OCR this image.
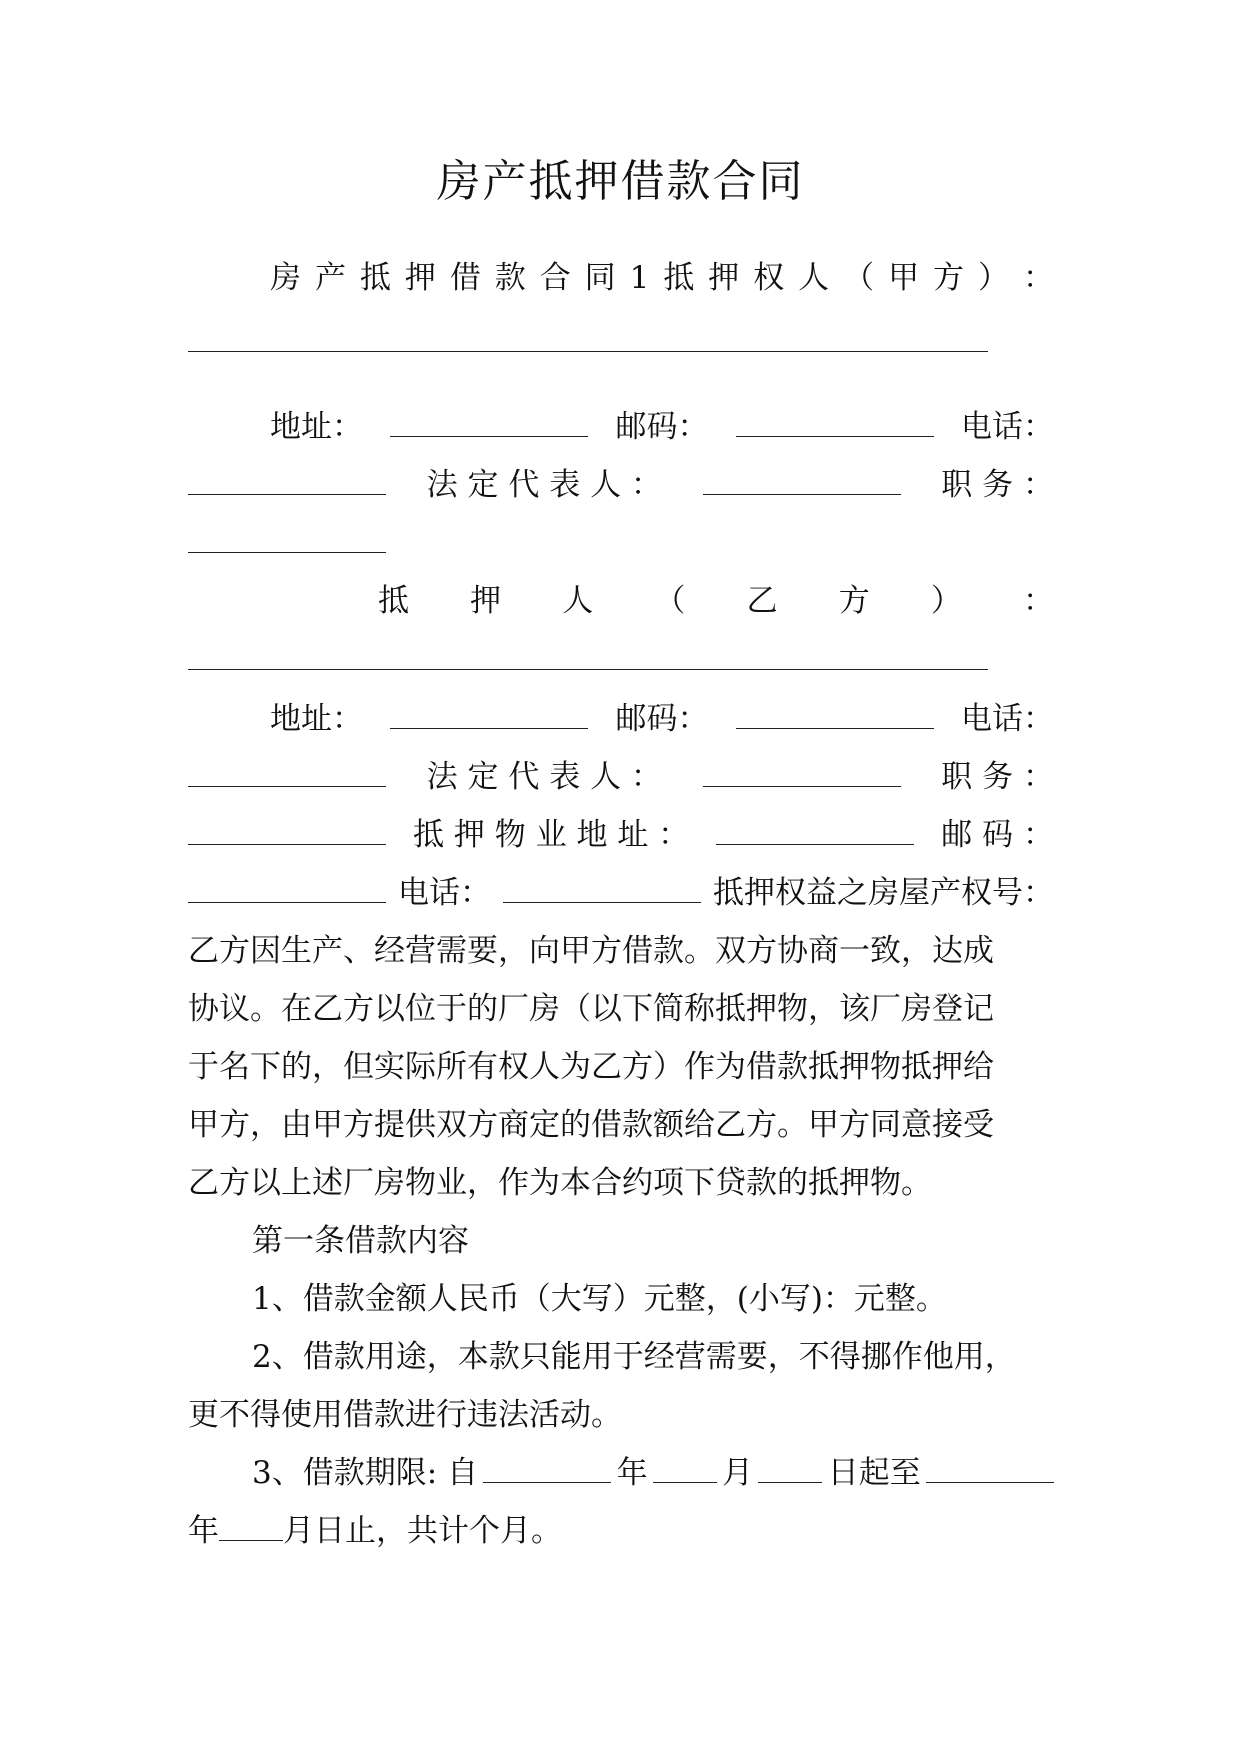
房产抵押借款合同
房 产 抵 押 借 款 合 同 1 抵 押 权 人 （ 甲 方 ） ：
地址：	邮码：	电话：
法 定 代 表 人 ：	职 务 ：
抵 押 人 （ 乙 方 ） ：
地址：	邮码：	电话：
法 定 代 表 人 ：	职 务 ：
抵 押 物 业 地 址 ：	邮 码 ：
电话：	抵押权益之房屋产权号：
乙方因生产、经营需要，向甲方借款。双方协商一致，达成
协议。在乙方以位于的厂房（以下简称抵押物，该厂房登记
于名下的，但实际所有权人为乙方）作为借款抵押物抵押给
甲方，由甲方提供双方商定的借款额给乙方。甲方同意接受
乙方以上述厂房物业，作为本合约项下贷款的抵押物。
第一条借款内容
1、借款金额人民币（大写）元整，(小写)：元整。
2、借款用途，本款只能用于经营需要，不得挪作他用，
更不得使用借款进行违法活动。
3、借款期限: 自	年 月 日起至
年 月日止，共计个月。
